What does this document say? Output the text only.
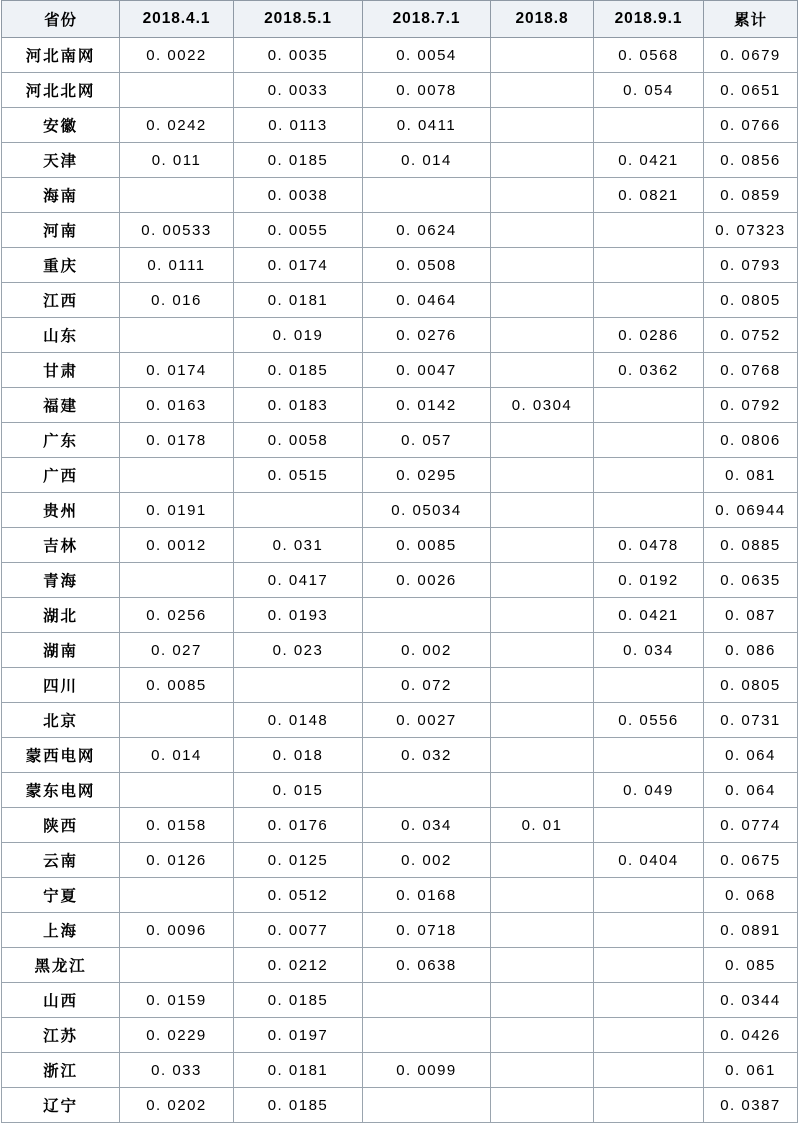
省份	2018.4.1	2018.5.1	2018.7.1	2018.8	2018.9.1	累计
河北南网	0. 0022	0. 0035	0. 0054		0. 0568	0. 0679
河北北网		0. 0033	0. 0078		0. 054	0. 0651
安徽	0. 0242	0. 0113	0. 0411			0. 0766
天津	0. 011	0. 0185	0. 014		0. 0421	0. 0856
海南		0. 0038			0. 0821	0. 0859
河南	0. 00533	0. 0055	0. 0624			0. 07323
重庆	0. 0111	0. 0174	0. 0508			0. 0793
江西	0. 016	0. 0181	0. 0464			0. 0805
山东		0. 019	0. 0276		0. 0286	0. 0752
甘肃	0. 0174	0. 0185	0. 0047		0. 0362	0. 0768
福建	0. 0163	0. 0183	0. 0142	0. 0304		0. 0792
广东	0. 0178	0. 0058	0. 057			0. 0806
广西		0. 0515	0. 0295			0. 081
贵州	0. 0191		0. 05034			0. 06944
吉林	0. 0012	0. 031	0. 0085		0. 0478	0. 0885
青海		0. 0417	0. 0026		0. 0192	0. 0635
湖北	0. 0256	0. 0193			0. 0421	0. 087
湖南	0. 027	0. 023	0. 002		0. 034	0. 086
四川	0. 0085		0. 072			0. 0805
北京		0. 0148	0. 0027		0. 0556	0. 0731
蒙西电网	0. 014	0. 018	0. 032			0. 064
蒙东电网		0. 015			0. 049	0. 064
陕西	0. 0158	0. 0176	0. 034	0. 01		0. 0774
云南	0. 0126	0. 0125	0. 002		0. 0404	0. 0675
宁夏		0. 0512	0. 0168			0. 068
上海	0. 0096	0. 0077	0. 0718			0. 0891
黑龙江		0. 0212	0. 0638			0. 085
山西	0. 0159	0. 0185				0. 0344
江苏	0. 0229	0. 0197				0. 0426
浙江	0. 033	0. 0181	0. 0099			0. 061
辽宁	0. 0202	0. 0185				0. 0387
